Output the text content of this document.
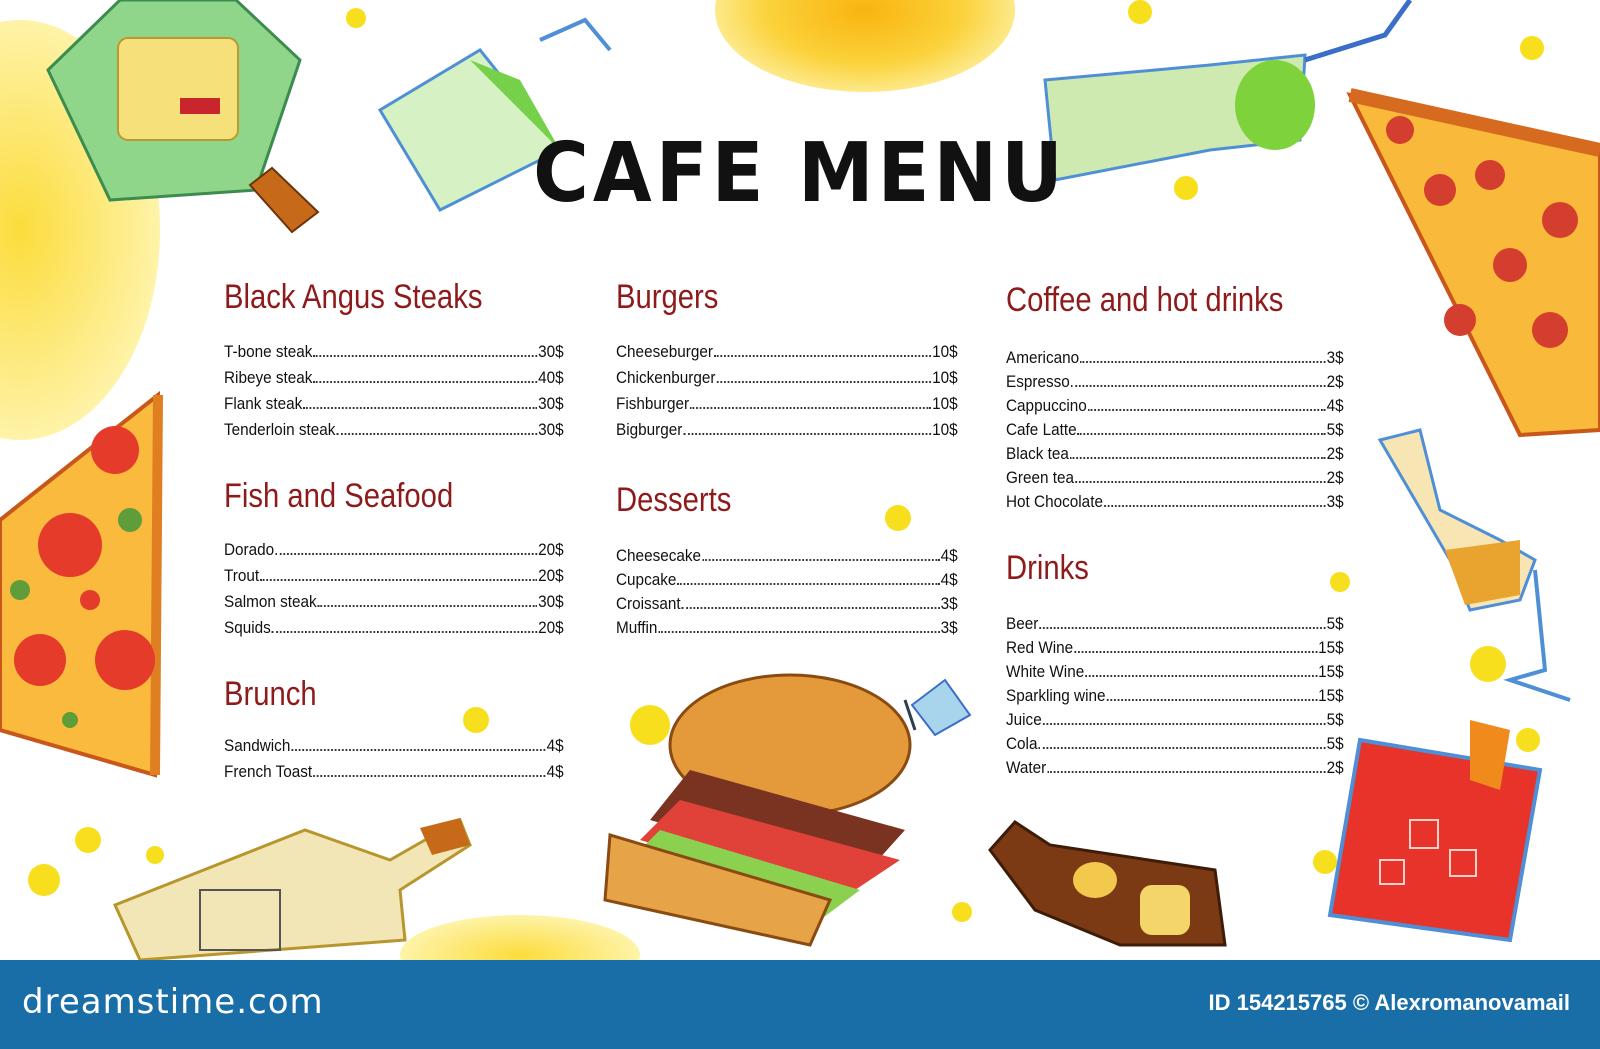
CAFE MENU
Black Angus Steaks
T-bone steak	30$
Ribeye steak	40$
Flank steak	30$
Tenderloin steak	30$
Fish and Seafood
Dorado	20$
Trout	20$
Salmon steak	30$
Squids	20$
Brunch
Sandwich	4$
French Toast	4$
Burgers
Cheeseburger	10$
Chickenburger	10$
Fishburger	10$
Bigburger	10$
Desserts
Cheesecake	4$
Cupcake	4$
Croissant	3$
Muffin	3$
Coffee and hot drinks
Americano	3$
Espresso	2$
Cappuccino	4$
Cafe Latte	5$
Black tea	2$
Green tea	2$
Hot Chocolate	3$
Drinks
Beer	5$
Red Wine	15$
White Wine	15$
Sparkling wine	15$
Juice	5$
Cola	5$
Water	2$
dreamstime.com	ID 154215765 © Alexromanovamail
